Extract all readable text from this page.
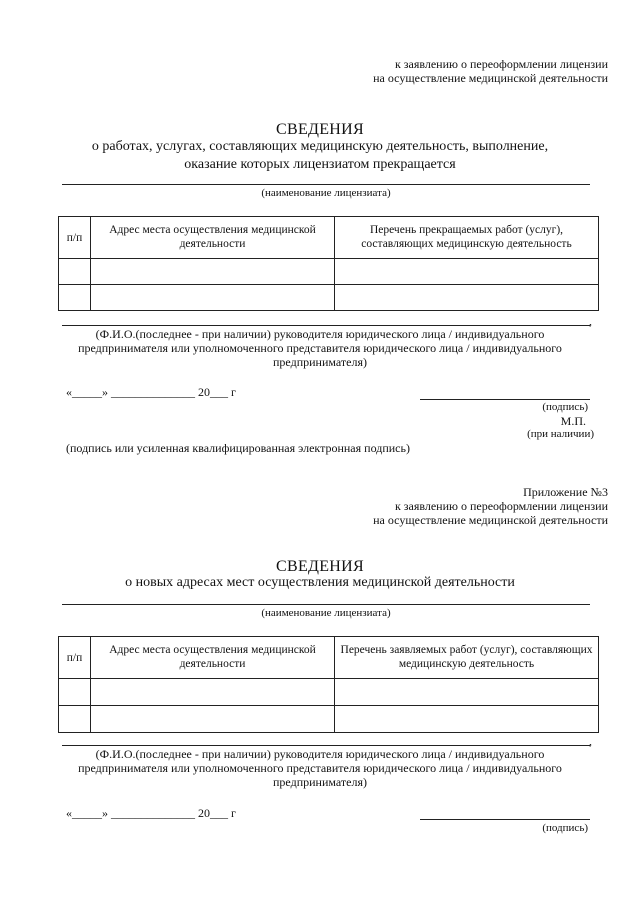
к заявлению о переоформлении лицензии
на осуществление медицинской деятельности
СВЕДЕНИЯ
о работах, услугах, составляющих медицинскую деятельность, выполнение,
оказание которых лицензиатом прекращается
(наименование лицензиата)
п/п	Адрес места осуществления медицинской деятельности	Перечень прекращаемых работ (услуг), составляющих медицинскую деятельность

,
(Ф.И.О.(последнее - при наличии) руководителя юридического лица / индивидуального
предпринимателя или уполномоченного представителя юридического лица / индивидуального
предпринимателя)
«_____» ______________ 20___ г
(подпись)
М.П.
(при наличии)
(подпись или усиленная квалифицированная электронная подпись)
Приложение №3
к заявлению о переоформлении лицензии
на осуществление медицинской деятельности
СВЕДЕНИЯ
о новых адресах мест осуществления медицинской деятельности
(наименование лицензиата)
п/п	Адрес места осуществления медицинской деятельности	Перечень заявляемых работ (услуг), составляющих медицинскую деятельность

,
(Ф.И.О.(последнее - при наличии) руководителя юридического лица / индивидуального
предпринимателя или уполномоченного представителя юридического лица / индивидуального
предпринимателя)
«_____» ______________ 20___ г
(подпись)
